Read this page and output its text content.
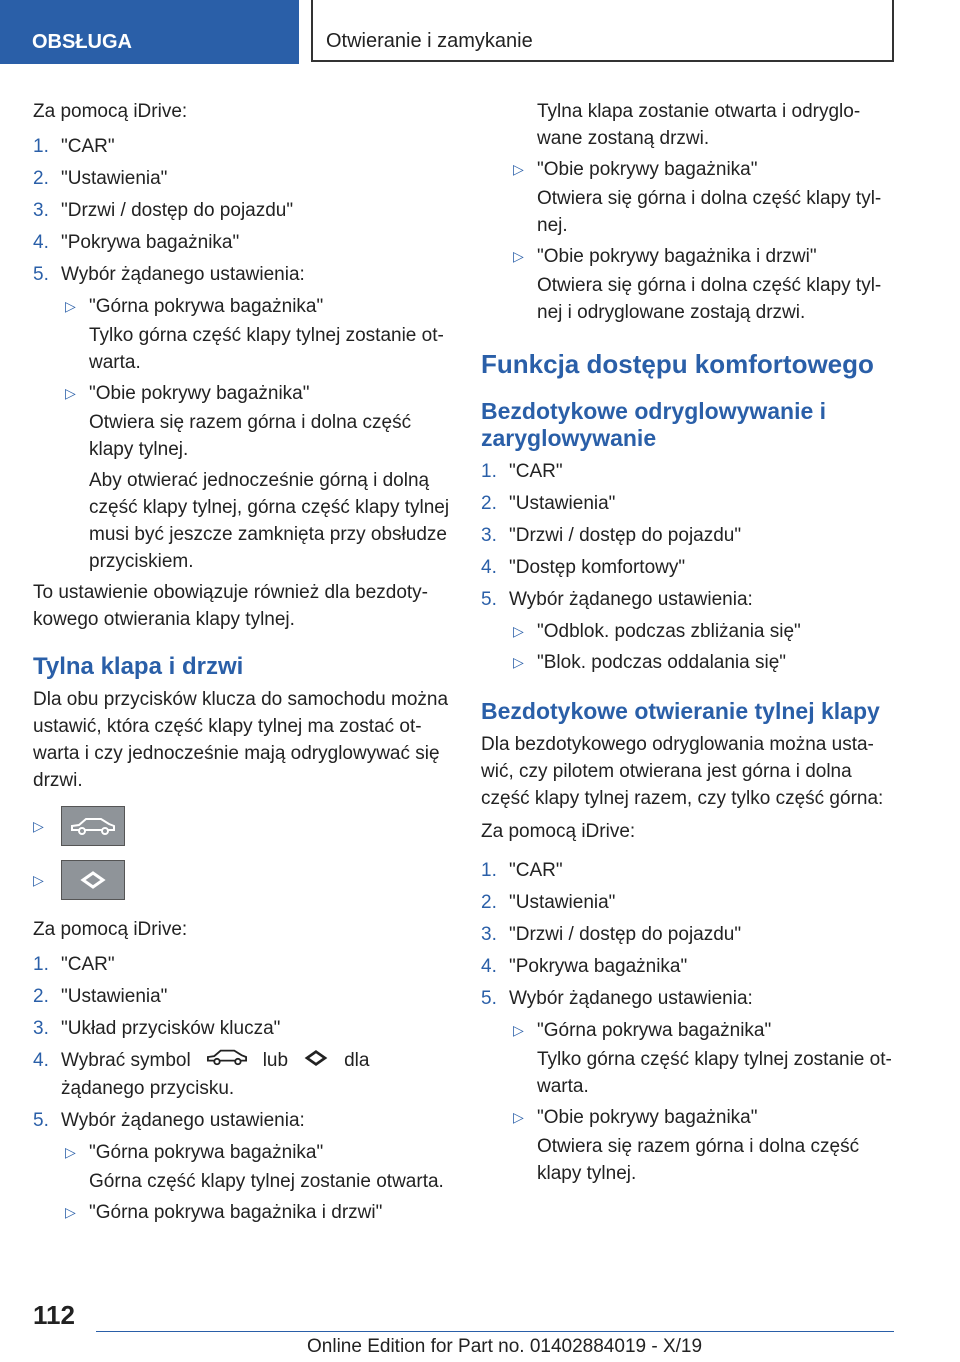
OBSŁUGA	Otwieranie i zamykanie

Za pomocą iDrive:

1. "CAR"
2. "Ustawienia"
3. "Drzwi / dostęp do pojazdu"
4. "Pokrywa bagażnika"
5. Wybór żądanego ustawienia:
▷ "Górna pokrywa bagażnika"

Tylko górna część klapy tylnej zostanie ot- warta.

▷ "Obie pokrywy bagażnika"

Otwiera się razem górna i dolna część klapy tylnej.

Aby otwierać jednocześnie górną i dolną część klapy tylnej, górna część klapy tylnej musi być jeszcze zamknięta przy obsłudze przyciskiem.

To ustawienie obowiązuje również dla bezdoty- kowego otwierania klapy tylnej.

Tylna klapa i drzwi

Dla obu przycisków klucza do samochodu można ustawić, która część klapy tylnej ma zostać ot- warta i czy jednocześnie mają odryglowywać się drzwi.

▷
▷

Za pomocą iDrive:

1. "CAR"
2. "Ustawienia"
3. "Układ przycisków klucza"
4. Wybrać symbol	lub	dla żądanego przycisku.
5. Wybór żądanego ustawienia:
▷ "Górna pokrywa bagażnika"

Górna część klapy tylnej zostanie otwarta.

▷ "Górna pokrywa bagażnika i drzwi"

Tylna klapa zostanie otwarta i odryglo- wane zostaną drzwi.

▷ "Obie pokrywy bagażnika"

Otwiera się górna i dolna część klapy tyl- nej.

▷ "Obie pokrywy bagażnika i drzwi"

Otwiera się górna i dolna część klapy tyl- nej i odryglowane zostają drzwi.

Funkcja dostępu komfortowego
Bezdotykowe odryglowywanie i zaryglowywanie
1. "CAR"
2. "Ustawienia"
3. "Drzwi / dostęp do pojazdu"
4. "Dostęp komfortowy"
5. Wybór żądanego ustawienia:
▷ "Odblok. podczas zbliżania się"
▷ "Blok. podczas oddalania się"
Bezdotykowe otwieranie tylnej klapy

Dla bezdotykowego odryglowania można usta- wić, czy pilotem otwierana jest górna i dolna część klapy tylnej razem, czy tylko część górna:

Za pomocą iDrive:

1. "CAR"
2. "Ustawienia"
3. "Drzwi / dostęp do pojazdu"
4. "Pokrywa bagażnika"
5. Wybór żądanego ustawienia:
▷ "Górna pokrywa bagażnika"

Tylko górna część klapy tylnej zostanie ot- warta.

▷ "Obie pokrywy bagażnika"

Otwiera się razem górna i dolna część klapy tylnej.

112
Online Edition for Part no. 01402884019 - X/19
